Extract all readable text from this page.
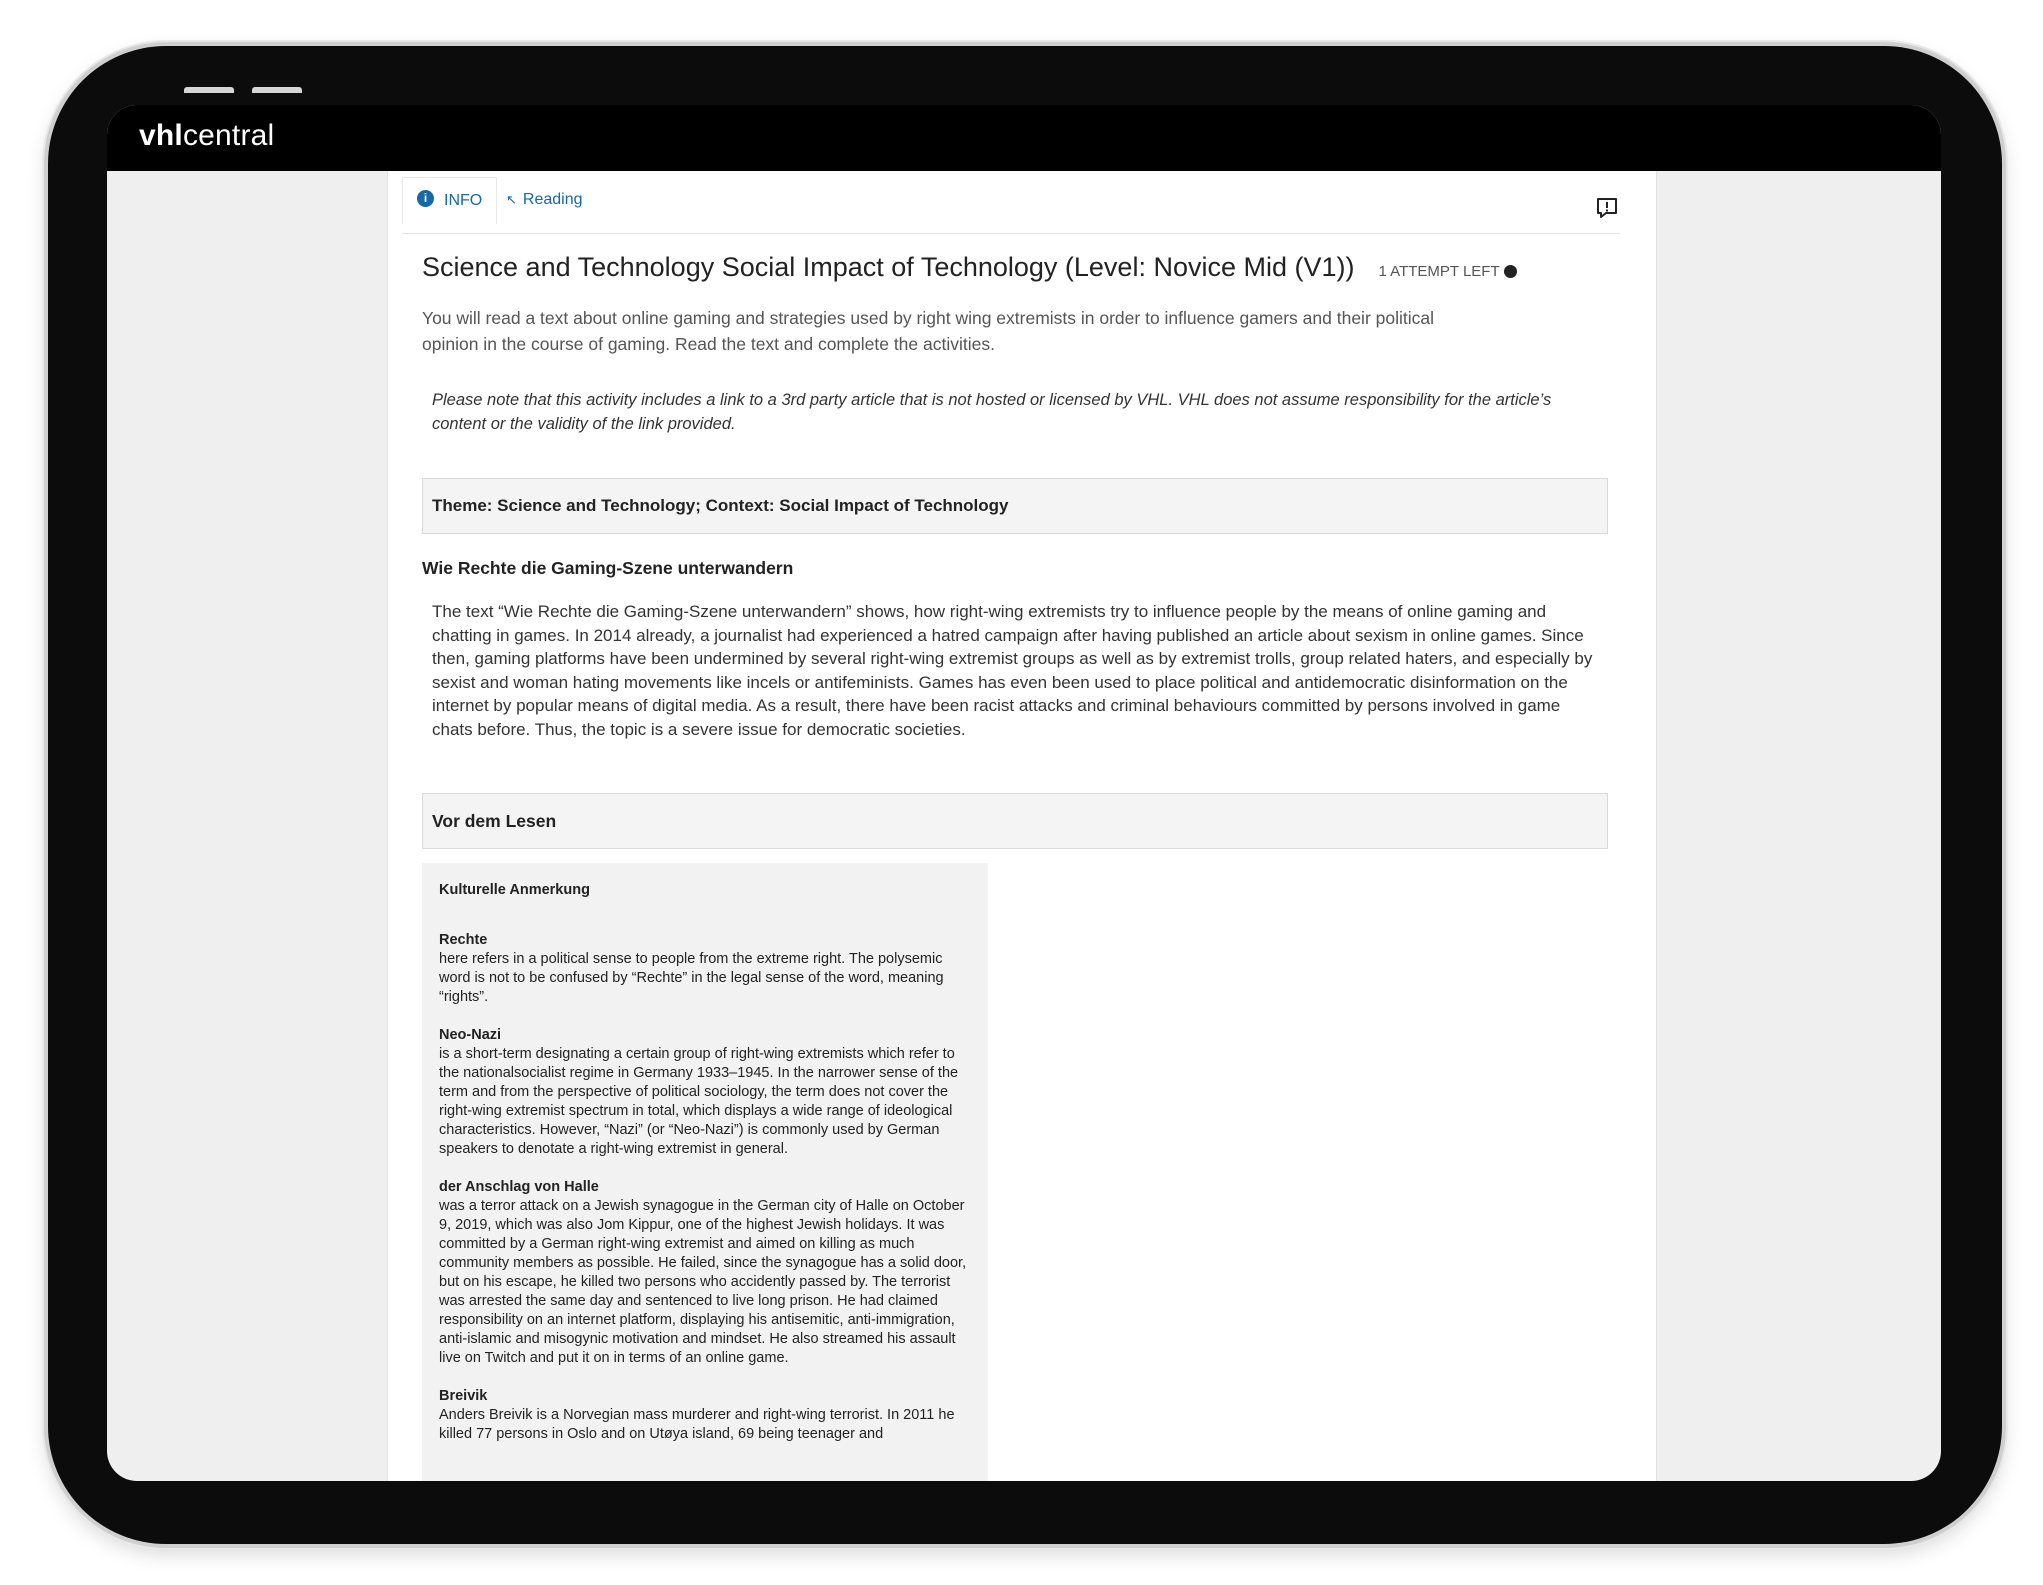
vhlcentral
i	INFO ↖ Reading
Science and Technology Social Impact of Technology (Level: Novice Mid (V1)) 1 ATTEMPT LEFT
You will read a text about online gaming and strategies used by right wing extremists in order to influence gamers and their political opinion in the course of gaming. Read the text and complete the activities.
Please note that this activity includes a link to a 3rd party article that is not hosted or licensed by VHL. VHL does not assume responsibility for the article’s content or the validity of the link provided.
Theme: Science and Technology; Context: Social Impact of Technology
Wie Rechte die Gaming-Szene unterwandern
The text “Wie Rechte die Gaming-Szene unterwandern” shows, how right-wing extremists try to influence people by the means of online gaming and chatting in games. In 2014 already, a journalist had experienced a hatred campaign after having published an article about sexism in online games. Since then, gaming platforms have been undermined by several right-wing extremist groups as well as by extremist trolls, group related haters, and especially by sexist and woman hating movements like incels or antifeminists. Games has even been used to place political and antidemocratic disinformation on the internet by popular means of digital media. As a result, there have been racist attacks and criminal behaviours committed by persons involved in game chats before. Thus, the topic is a severe issue for democratic societies.
Vor dem Lesen
Kulturelle Anmerkung
Rechte
here refers in a political sense to people from the extreme right. The polysemic word is not to be confused by “Rechte” in the legal sense of the word, meaning “rights”.
Neo-Nazi
is a short-term designating a certain group of right-wing extremists which refer to the nationalsocialist regime in Germany 1933–1945. In the narrower sense of the term and from the perspective of political sociology, the term does not cover the right-wing extremist spectrum in total, which displays a wide range of ideological characteristics. However, “Nazi” (or “Neo-Nazi”) is commonly used by German speakers to denotate a right-wing extremist in general.
der Anschlag von Halle
was a terror attack on a Jewish synagogue in the German city of Halle on October 9, 2019, which was also Jom Kippur, one of the highest Jewish holidays. It was committed by a German right-wing extremist and aimed on killing as much community members as possible. He failed, since the synagogue has a solid door, but on his escape, he killed two persons who accidently passed by. The terrorist was arrested the same day and sentenced to live long prison. He had claimed responsibility on an internet platform, displaying his antisemitic, anti-immigration, anti-islamic and misogynic motivation and mindset. He also streamed his assault live on Twitch and put it on in terms of an online game.
Breivik
Anders Breivik is a Norvegian mass murderer and right-wing terrorist. In 2011 he killed 77 persons in Oslo and on Utøya island, 69 being teenager and
